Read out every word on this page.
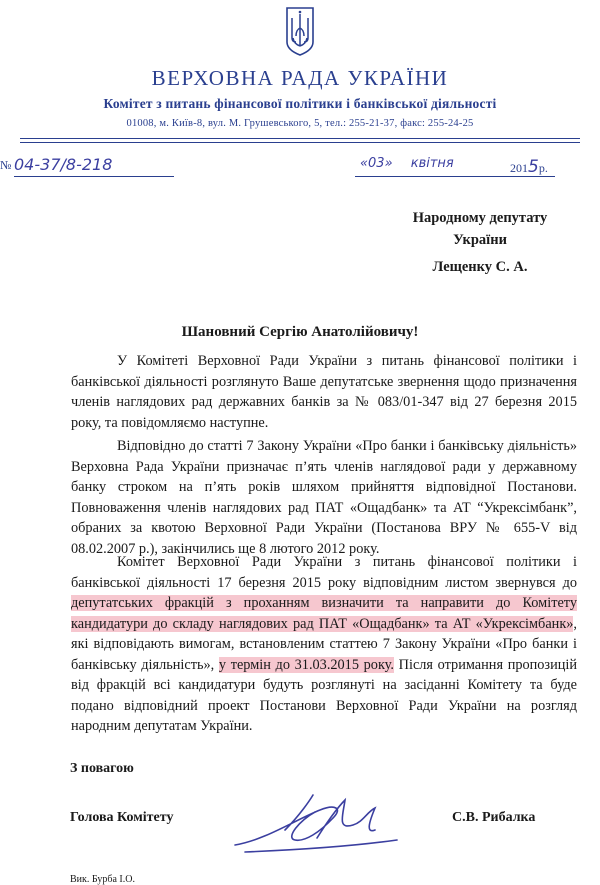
ВЕРХОВНА РАДА УКРАЇНИ
Комітет з питань фінансової політики і банківської діяльності
01008, м. Київ-8, вул. М. Грушевського, 5, тел.: 255-21-37, факс: 255-24-25
№ 04-37/8-218	«03» квітня	2015р.
Народному депутату
України
Лещенку С. А.
Шановний Сергію Анатолійовичу!
У Комітеті Верховної Ради України з питань фінансової політики і банківської діяльності розглянуто Ваше депутатське звернення щодо призначення членів наглядових рад державних банків за № 083/01-347 від 27 березня 2015 року, та повідомляємо наступне.
Відповідно до статті 7 Закону України «Про банки і банківську діяльність» Верховна Рада України призначає п’ять членів наглядової ради у державному банку строком на п’ять років шляхом прийняття відповідної Постанови. Повноваження членів наглядових рад ПАТ «Ощадбанк» та АТ “Укрексімбанк”, обраних за квотою Верховної Ради України (Постанова ВРУ № 655-V від 08.02.2007 р.), закінчились ще 8 лютого 2012 року.
Комітет Верховної Ради України з питань фінансової політики і банківської діяльності 17 березня 2015 року відповідним листом звернувся до депутатських фракцій з проханням визначити та направити до Комітету кандидатури до складу наглядових рад ПАТ «Ощадбанк» та АТ «Укрексімбанк», які відповідають вимогам, встановленим статтею 7 Закону України «Про банки і банківську діяльність», у термін до 31.03.2015 року. Після отримання пропозицій від фракцій всі кандидатури будуть розглянуті на засіданні Комітету та буде подано відповідний проект Постанови Верховної Ради України на розгляд народним депутатам України.
З повагою
Голова Комітету	С.В. Рибалка
Вик. Бурба І.О.
